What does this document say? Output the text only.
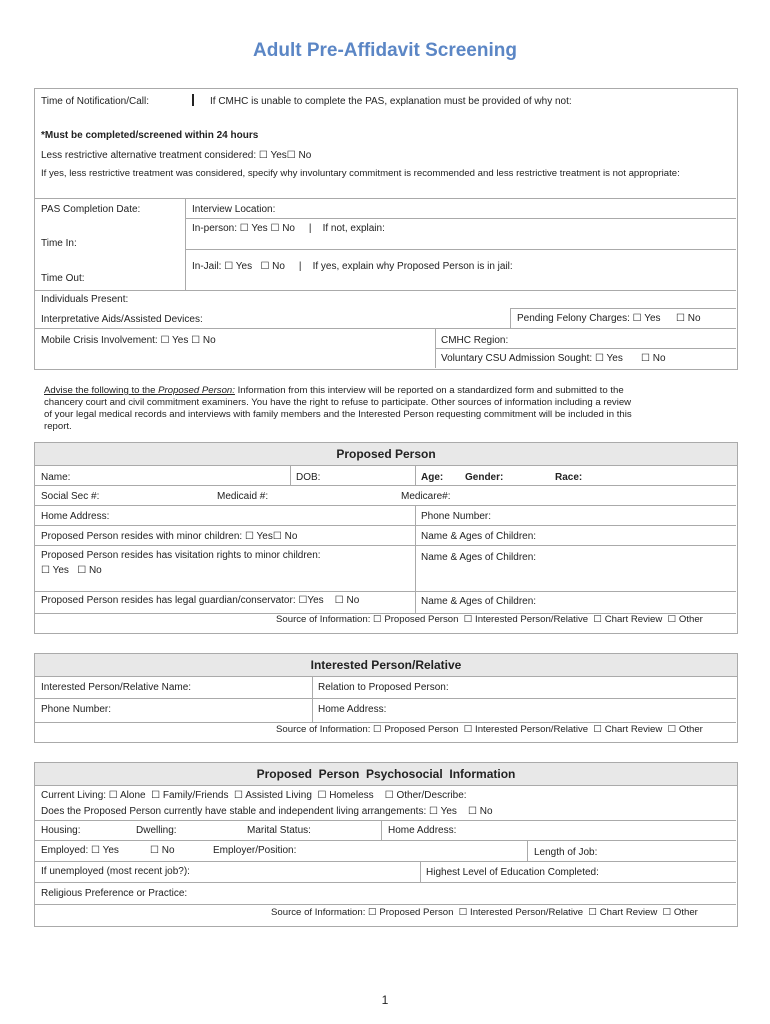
Adult Pre-Affidavit Screening
Time of Notification/Call:	If CMHC is unable to complete the PAS, explanation must be provided of why not:
*Must be completed/screened within 24 hours
Less restrictive alternative treatment considered: ☐ Yes☐ No
If yes, less restrictive treatment was considered, specify why involuntary commitment is recommended and less restrictive treatment is not appropriate:
PAS Completion Date:	Interview Location:
In-person: ☐ Yes ☐ No     |    If not, explain:
Time In:
In-Jail: ☐ Yes   ☐ No     |    If yes, explain why Proposed Person is in jail:
Time Out:
Individuals Present:
Interpretative Aids/Assisted Devices:	Pending Felony Charges: ☐ Yes ☐ No
Mobile Crisis Involvement: ☐ Yes ☐ No	CMHC Region:
Voluntary CSU Admission Sought: ☐ Yes ☐ No
Advise the following to the Proposed Person: Information from this interview will be reported on a standardized form and submitted to the
chancery court and civil commitment examiners. You have the right to refuse to participate. Other sources of information including a review
of your legal medical records and interviews with family members and the Interested Person requesting commitment will be included in this
report.
Proposed Person
Name:	DOB:	Age: Gender:	Race:
Social Sec #:	Medicaid #:	Medicare#:
Home Address:	Phone Number:
Proposed Person resides with minor children: ☐ Yes☐ No	Name & Ages of Children:
Proposed Person resides has visitation rights to minor children:
☐ Yes   ☐ No
Name & Ages of Children:
Proposed Person resides has legal guardian/conservator: ☐Yes    ☐ No	Name & Ages of Children:
Source of Information: ☐ Proposed Person  ☐ Interested Person/Relative  ☐ Chart Review  ☐ Other
Interested Person/Relative
Interested Person/Relative Name:	Relation to Proposed Person:
Phone Number:	Home Address:
Source of Information: ☐ Proposed Person  ☐ Interested Person/Relative  ☐ Chart Review  ☐ Other
Proposed  Person  Psychosocial  Information
Current Living: ☐ Alone  ☐ Family/Friends  ☐ Assisted Living  ☐ Homeless    ☐ Other/Describe:
Does the Proposed Person currently have stable and independent living arrangements: ☐ Yes    ☐ No
Housing:	Dwelling:	Marital Status:	Home Address:
Employed: ☐ Yes	☐ No	Employer/Position:	Length of Job:
If unemployed (most recent job?):	Highest Level of Education Completed:
Religious Preference or Practice:
Source of Information: ☐ Proposed Person  ☐ Interested Person/Relative  ☐ Chart Review  ☐ Other
1
